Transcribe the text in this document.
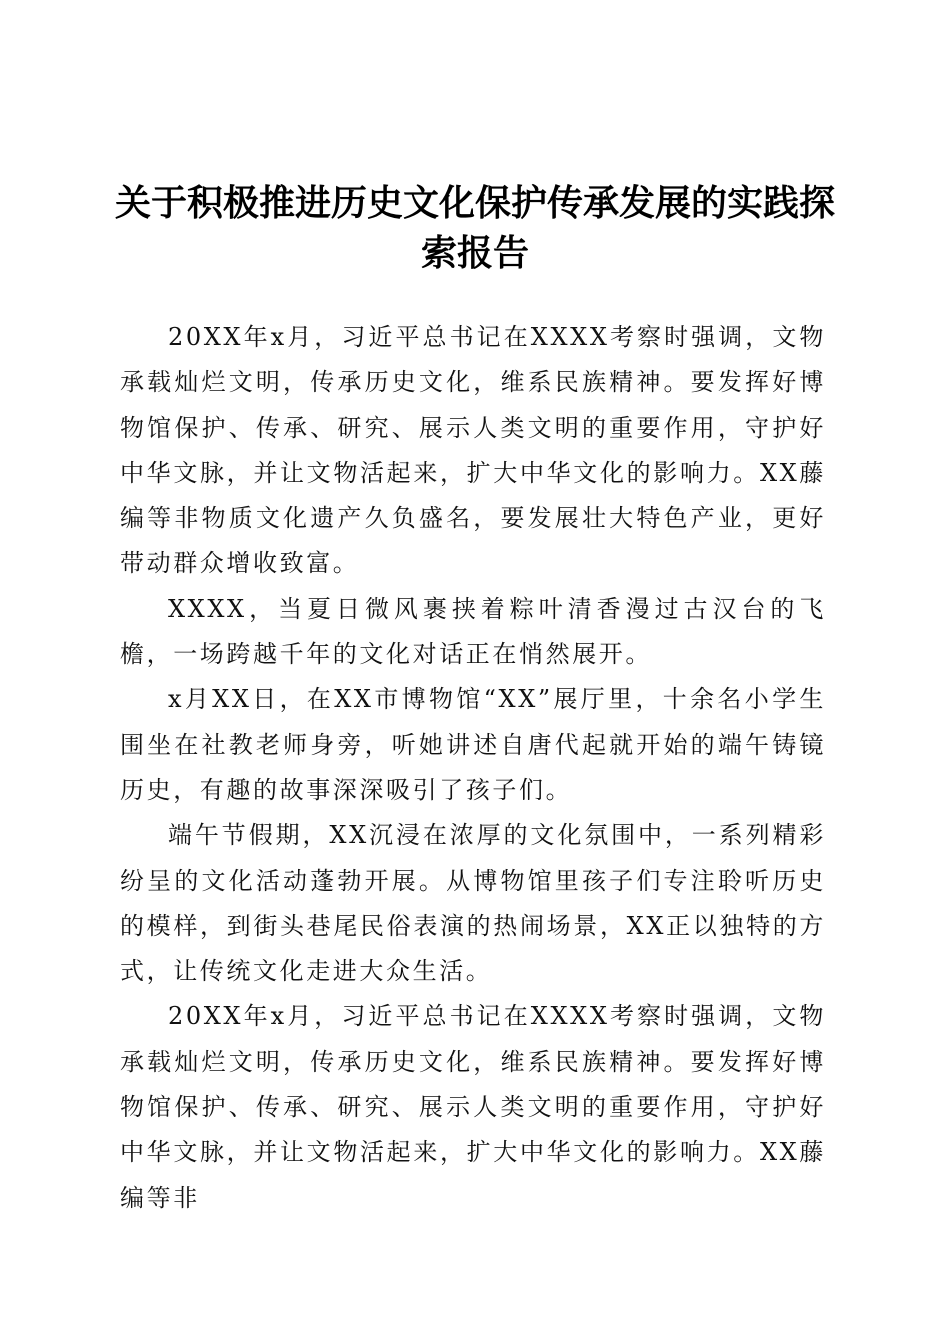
关于积极推进历史文化保护传承发展的实践探索报告

20XX年x月，习近平总书记在XXXX考察时强调，文物承载灿烂文明，传承历史文化，维系民族精神。要发挥好博物馆保护、传承、研究、展示人类文明的重要作用，守护好中华文脉，并让文物活起来，扩大中华文化的影响力。XX藤编等非物质文化遗产久负盛名，要发展壮大特色产业，更好带动群众增收致富。

XXXX，当夏日微风裹挟着粽叶清香漫过古汉台的飞檐，一场跨越千年的文化对话正在悄然展开。

x月XX日，在XX市博物馆“XX”展厅里，十余名小学生围坐在社教老师身旁，听她讲述自唐代起就开始的端午铸镜历史，有趣的故事深深吸引了孩子们。

端午节假期，XX沉浸在浓厚的文化氛围中，一系列精彩纷呈的文化活动蓬勃开展。从博物馆里孩子们专注聆听历史的模样，到街头巷尾民俗表演的热闹场景，XX正以独特的方式，让传统文化走进大众生活。

20XX年x月，习近平总书记在XXXX考察时强调，文物承载灿烂文明，传承历史文化，维系民族精神。要发挥好博物馆保护、传承、研究、展示人类文明的重要作用，守护好中华文脉，并让文物活起来，扩大中华文化的影响力。XX藤编等非
